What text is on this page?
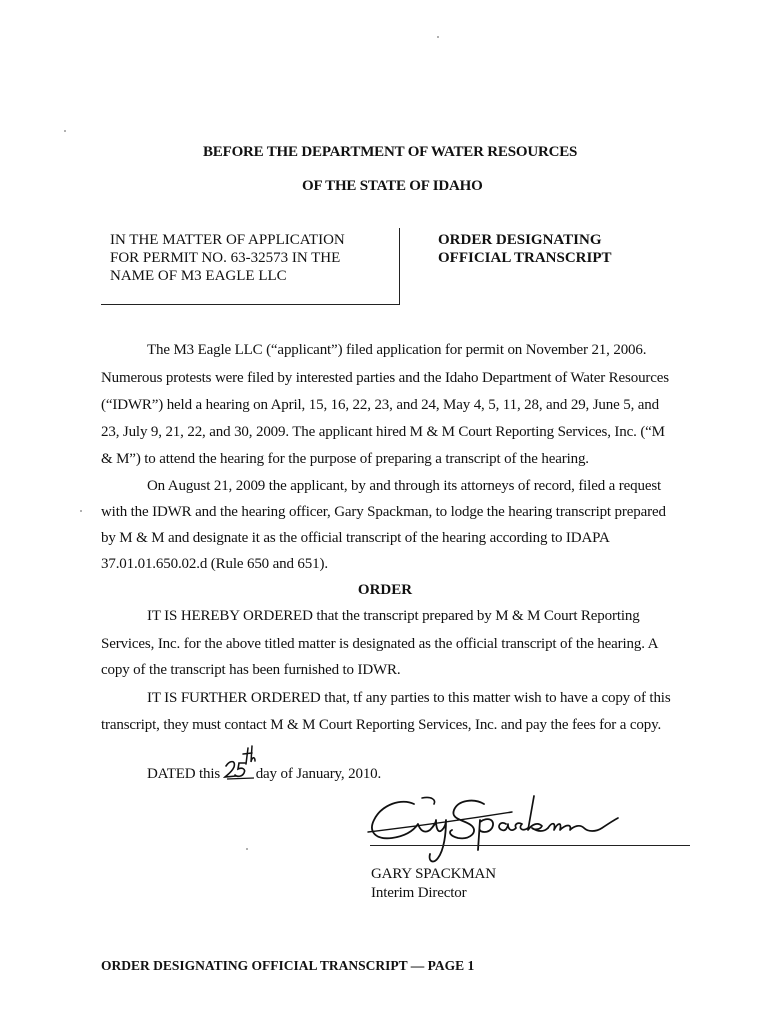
BEFORE THE DEPARTMENT OF WATER RESOURCES
OF THE STATE OF IDAHO
IN THE MATTER OF APPLICATION
FOR PERMIT NO. 63-32573 IN THE
NAME OF M3 EAGLE LLC
ORDER DESIGNATING
OFFICIAL TRANSCRIPT
The M3 Eagle LLC (“applicant”) filed application for permit on November 21, 2006.
Numerous protests were filed by interested parties and the Idaho Department of Water Resources
(“IDWR”) held a hearing on April, 15, 16, 22, 23, and 24, May 4, 5, 11, 28, and 29, June 5, and
23, July 9, 21, 22, and 30, 2009. The applicant hired M & M Court Reporting Services, Inc. (“M
& M”) to attend the hearing for the purpose of preparing a transcript of the hearing.
On August 21, 2009 the applicant, by and through its attorneys of record, filed a request
with the IDWR and the hearing officer, Gary Spackman, to lodge the hearing transcript prepared
by M & M and designate it as the official transcript of the hearing according to IDAPA
37.01.01.650.02.d (Rule 650 and 651).
ORDER
IT IS HEREBY ORDERED that the transcript prepared by M & M Court Reporting
Services, Inc. for the above titled matter is designated as the official transcript of the hearing. A
copy of the transcript has been furnished to IDWR.
IT IS FURTHER ORDERED that, tf any parties to this matter wish to have a copy of this
transcript, they must contact M & M Court Reporting Services, Inc. and pay the fees for a copy.
DATED this day of January, 2010.
GARY SPACKMAN
Interim Director
ORDER DESIGNATING OFFICIAL TRANSCRIPT — PAGE 1
